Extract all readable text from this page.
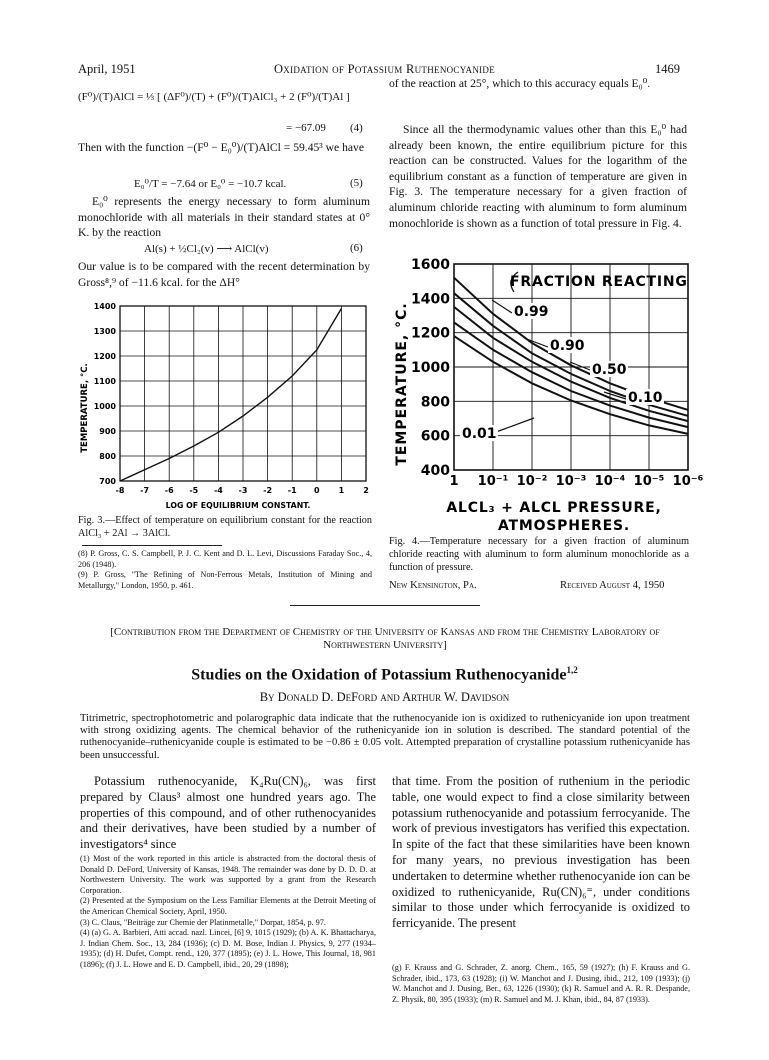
April, 1951	Oxidation of Potassium Ruthenocyanide	1469
(F⁰)/(T)AlCl = ⅓ [ (ΔF⁰)/(T) + (F⁰)/(T)AlCl₃ + 2 (F⁰)/(T)Al ]
= −67.09 (4)
Then with the function −(F⁰ − E₀⁰)/(T)AlCl = 59.45³ we have
E₀⁰/T = −7.64 or E₀⁰ = −10.7 kcal.	(5)
E₀⁰ represents the energy necessary to form aluminum monochloride with all materials in their standard states at 0° K. by the reaction
Al(s) + ½Cl₂(v) ⟶ AlCl(v)	(6)
Our value is to be compared with the recent determination by Gross⁸,⁹ of −11.6 kcal. for the ΔH°
-8 -7 -6 -5 -4 -3 -2 -1 0 1 2
700
800
900
1000
1100
1200
1300
1400
TEMPERATURE, °C.
LOG OF EQUILIBRIUM CONSTANT.
Fig. 3.—Effect of temperature on equilibrium constant for the reaction AlCl₃ + 2Al → 3AlCl.

(8) P. Gross, C. S. Campbell, P. J. C. Kent and D. L. Levi, Discussions Faraday Soc., 4, 206 (1948).

(9) P. Gross, "The Refining of Non-Ferrous Metals, Institution of Mining and Metallurgy," London, 1950, p. 461.

of the reaction at 25°, which to this accuracy equals E₀⁰.
Since all the thermodynamic values other than this E₀⁰ had already been known, the entire equilibrium picture for this reaction can be constructed. Values for the logarithm of the equilibrium constant as a function of temperature are given in Fig. 3. The temperature necessary for a given fraction of aluminum chloride reacting with aluminum to form aluminum monochloride is shown as a function of total pressure in Fig. 4.
400
600
800
1000
1200
1400
1600
1 10⁻¹ 10⁻² 10⁻³ 10⁻⁴ 10⁻⁵ 10⁻⁶
0.99
0.90
0.50
0.10
0.01
FRACTION REACTING
TEMPERATURE, °C.
ALCL₃ + ALCL PRESSURE,
ATMOSPHERES.
Fig. 4.—Temperature necessary for a given fraction of aluminum chloride reacting with aluminum to form aluminum monochloride as a function of pressure.
New Kensington, Pa.	Received August 4, 1950
[Contribution from the Department of Chemistry of the University of Kansas and from the Chemistry Laboratory of Northwestern University]
Studies on the Oxidation of Potassium Ruthenocyanide$^{1,2}$
By Donald D. DeFord and Arthur W. Davidson
Titrimetric, spectrophotometric and polarographic data indicate that the ruthenocyanide ion is oxidized to ruthenicyanide ion upon treatment with strong oxidizing agents. The chemical behavior of the ruthenicyanide ion in solution is described. The standard potential of the ruthenocyanide–ruthenicyanide couple is estimated to be −0.86 ± 0.05 volt. Attempted preparation of crystalline potassium ruthenicyanide has been unsuccessful.
Potassium ruthenocyanide, K₄Ru(CN)₆, was first prepared by Claus³ almost one hundred years ago. The properties of this compound, and of other ruthenocyanides and their derivatives, have been studied by a number of investigators⁴ since
that time. From the position of ruthenium in the periodic table, one would expect to find a close similarity between potassium ruthenocyanide and potassium ferrocyanide. The work of previous investigators has verified this expectation. In spite of the fact that these similarities have been known for many years, no previous investigation has been undertaken to determine whether ruthenocyanide ion can be oxidized to ruthenicyanide, Ru(CN)₆⁼, under conditions similar to those under which ferrocyanide is oxidized to ferricyanide. The present

(1) Most of the work reported in this article is abstracted from the doctoral thesis of Donald D. DeFord, University of Kansas, 1948. The remainder was done by D. D. D. at Northwestern University. The work was supported by a grant from the Research Corporation.

(2) Presented at the Symposium on the Less Familiar Elements at the Detroit Meeting of the American Chemical Society, April, 1950.

(3) C. Claus, "Beiträge zur Chemie der Platinmetalle," Dorpat, 1854, p. 97.

(4) (a) G. A. Barbieri, Atti accad. nazl. Lincei, [6] 9, 1015 (1929); (b) A. K. Bhattacharya, J. Indian Chem. Soc., 13, 284 (1936); (c) D. M. Bose, Indian J. Physics, 9, 277 (1934–1935); (d) H. Dufet, Compt. rend., 120, 377 (1895); (e) J. L. Howe, This Journal, 18, 981 (1896); (f) J. L. Howe and E. D. Campbell, ibid., 20, 29 (1898);	(g) F. Krauss and G. Schrader, Z. anorg. Chem., 165, 59 (1927); (h) F. Krauss and G. Schrader, ibid., 173, 63 (1928); (i) W. Manchot and J. Dusing, ibid., 212, 109 (1933); (j) W. Manchot and J. Dusing, Ber., 63, 1226 (1930); (k) R. Samuel and A. R. R. Despande, Z. Physik, 80, 395 (1933); (m) R. Samuel and M. J. Khan, ibid., 84, 87 (1933).
